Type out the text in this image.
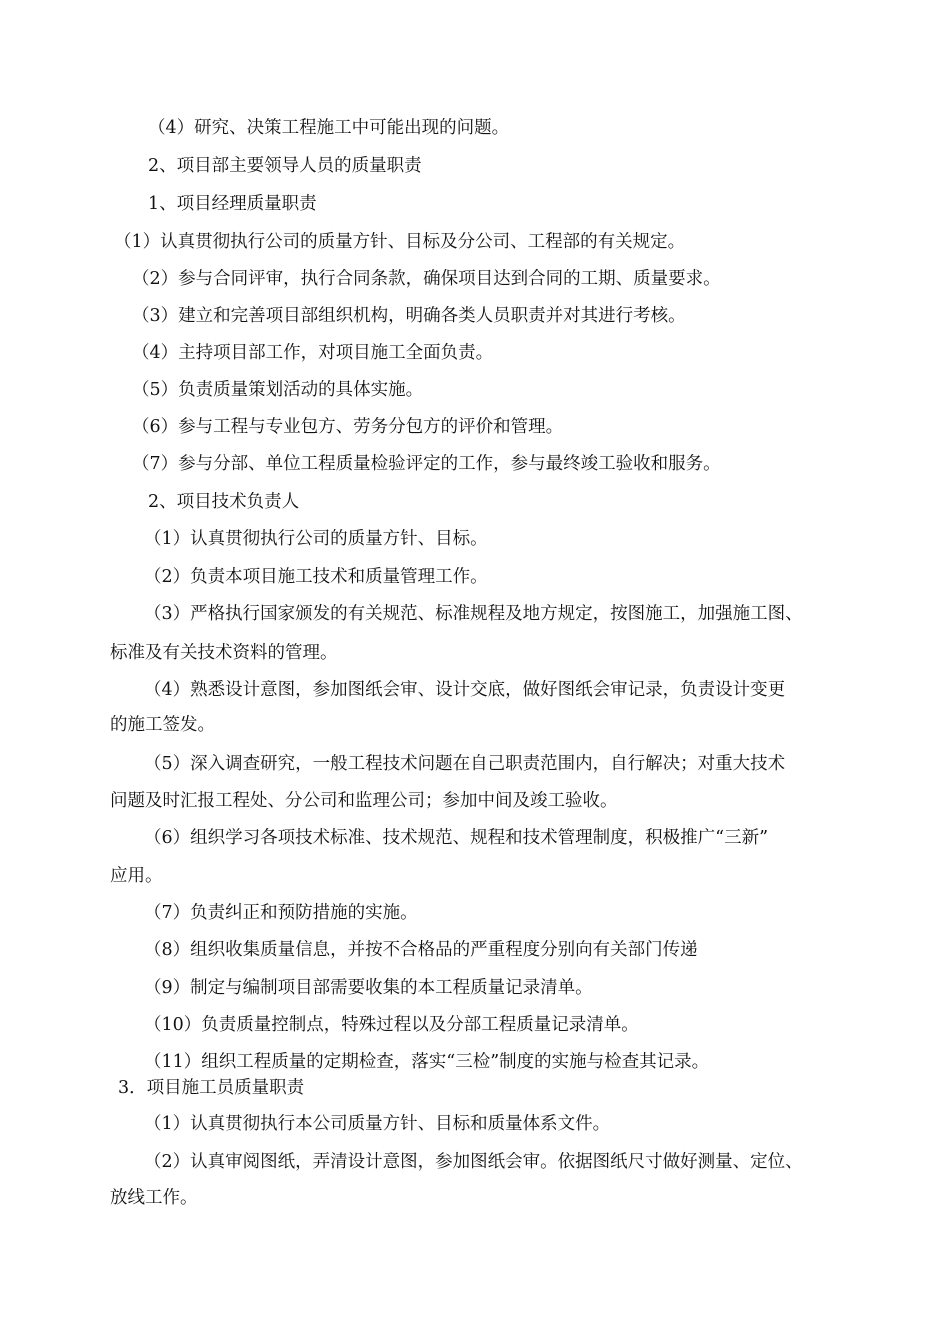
（4）研究、决策工程施工中可能出现的问题。
2、项目部主要领导人员的质量职责
1、项目经理质量职责
（1）认真贯彻执行公司的质量方针、目标及分公司、工程部的有关规定。
（2）参与合同评审，执行合同条款，确保项目达到合同的工期、质量要求。
（3）建立和完善项目部组织机构，明确各类人员职责并对其进行考核。
（4）主持项目部工作，对项目施工全面负责。
（5）负责质量策划活动的具体实施。
（6）参与工程与专业包方、劳务分包方的评价和管理。
（7）参与分部、单位工程质量检验评定的工作，参与最终竣工验收和服务。
2、项目技术负责人
（1）认真贯彻执行公司的质量方针、目标。
（2）负责本项目施工技术和质量管理工作。
（3）严格执行国家颁发的有关规范、标准规程及地方规定，按图施工，加强施工图、
标准及有关技术资料的管理。
（4）熟悉设计意图，参加图纸会审、设计交底，做好图纸会审记录，负责设计变更
的施工签发。
（5）深入调查研究，一般工程技术问题在自己职责范围内，自行解决；对重大技术
问题及时汇报工程处、分公司和监理公司；参加中间及竣工验收。
（6）组织学习各项技术标准、技术规范、规程和技术管理制度，积极推广“三新”
应用。
（7）负责纠正和预防措施的实施。
（8）组织收集质量信息，并按不合格品的严重程度分别向有关部门传递
（9）制定与编制项目部需要收集的本工程质量记录清单。
（10）负责质量控制点，特殊过程以及分部工程质量记录清单。
（11）组织工程质量的定期检查，落实“三检”制度的实施与检查其记录。
3．项目施工员质量职责
（1）认真贯彻执行本公司质量方针、目标和质量体系文件。
（2）认真审阅图纸，弄清设计意图，参加图纸会审。依据图纸尺寸做好测量、定位、
放线工作。
